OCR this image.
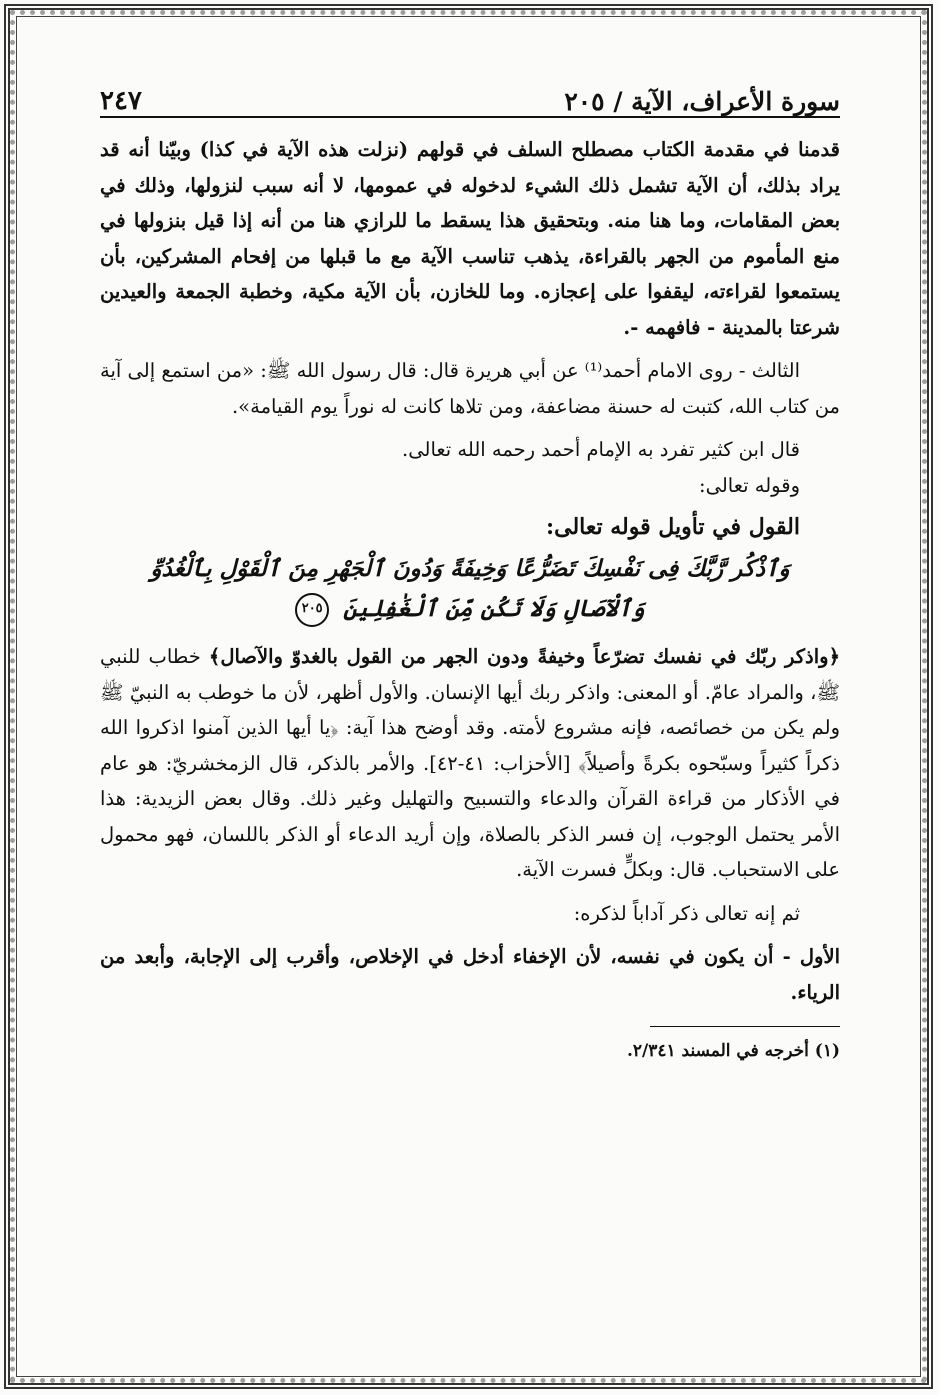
سورة الأعراف، الآية / ٢٠٥
٢٤٧

قدمنا في مقدمة الكتاب مصطلح السلف في قولهم (نزلت هذه الآية في كذا) وبيّنا أنه قد يراد بذلك، أن الآية تشمل ذلك الشيء لدخوله في عمومها، لا أنه سبب لنزولها، وذلك في بعض المقامات، وما هنا منه. وبتحقيق هذا يسقط ما للرازي هنا من أنه إذا قيل بنزولها في منع المأموم من الجهر بالقراءة، يذهب تناسب الآية مع ما قبلها من إفحام المشركين، بأن يستمعوا لقراءته، ليقفوا على إعجازه. وما للخازن، بأن الآية مكية، وخطبة الجمعة والعيدين شرعتا بالمدينة - فافهمه -.

الثالث - روى الامام أحمد⁽¹⁾ عن أبي هريرة قال: قال رسول الله ﷺ: «من استمع إلى آية من كتاب الله، كتبت له حسنة مضاعفة، ومن تلاها كانت له نوراً يوم القيامة».

قال ابن كثير تفرد به الإمام أحمد رحمه الله تعالى.

وقوله تعالى:

القول في تأويل قوله تعالى:

وَٱذْكُر رَّبَّكَ فِى نَفْسِكَ تَضَرُّعًا وَخِيفَةً وَدُونَ ٱلْجَهْرِ مِنَ ٱلْقَوْلِ بِٱلْغُدُوِّ
وَٱلْآصَالِ وَلَا تَكُن مِّنَ ٱلْغَٰفِلِينَ ٢٠٥

﴿واذكر ربّك في نفسك تضرّعاً وخيفةً ودون الجهر من القول بالغدوّ والآصال﴾ خطاب للنبي ﷺ، والمراد عامّ. أو المعنى: واذكر ربك أيها الإنسان. والأول أظهر، لأن ما خوطب به النبيّ ﷺ ولم يكن من خصائصه، فإنه مشروع لأمته. وقد أوضح هذا آية: ﴿يا أيها الذين آمنوا اذكروا الله ذكراً كثيراً وسبّحوه بكرةً وأصيلاً﴾ [الأحزاب: ٤١-٤٢]. والأمر بالذكر، قال الزمخشريّ: هو عام في الأذكار من قراءة القرآن والدعاء والتسبيح والتهليل وغير ذلك. وقال بعض الزيدية: هذا الأمر يحتمل الوجوب، إن فسر الذكر بالصلاة، وإن أريد الدعاء أو الذكر باللسان، فهو محمول على الاستحباب. قال: وبكلٍّ فسرت الآية.

ثم إنه تعالى ذكر آداباً لذكره:

الأول - أن يكون في نفسه، لأن الإخفاء أدخل في الإخلاص، وأقرب إلى الإجابة، وأبعد من الرياء.

(١) أخرجه في المسند ٢/٣٤١.
